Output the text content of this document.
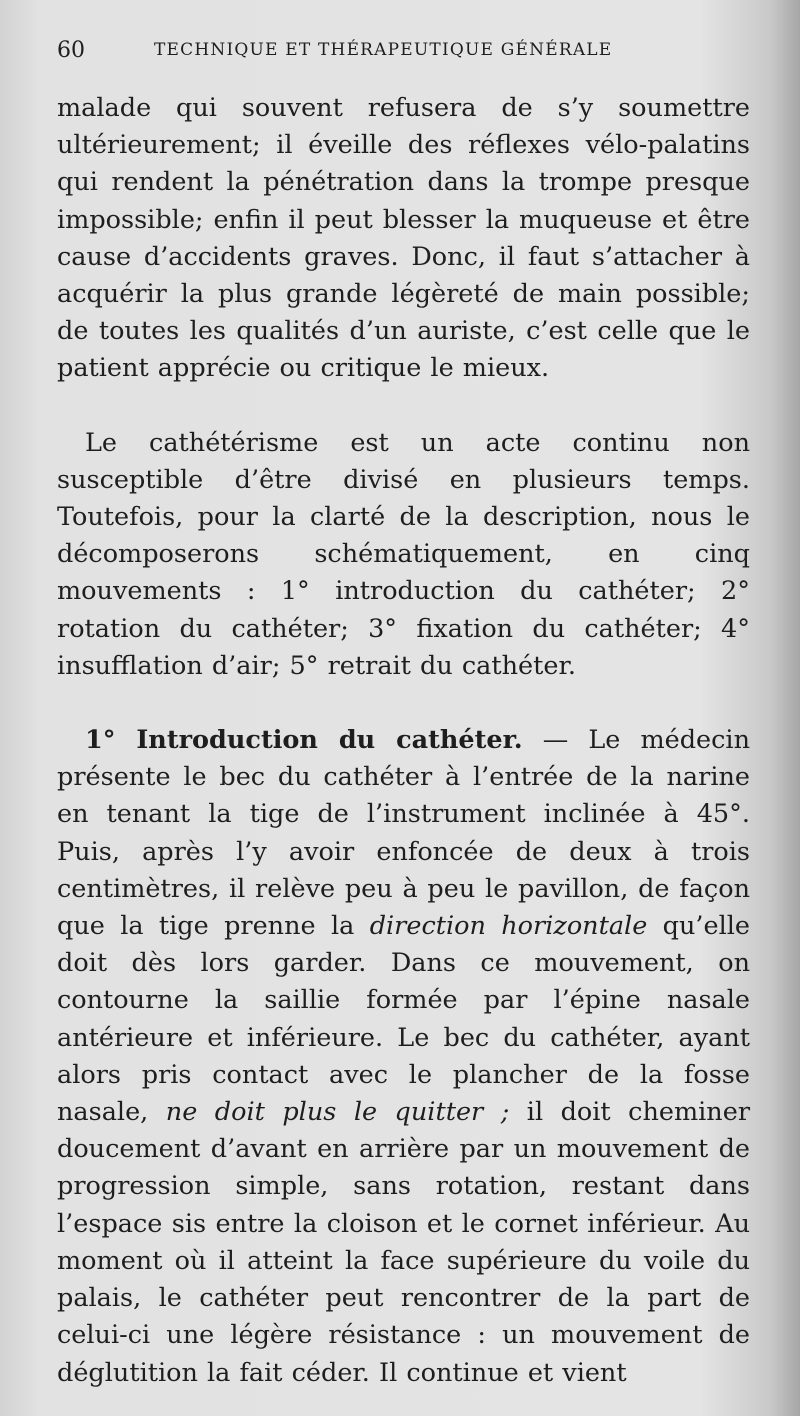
60	TECHNIQUE ET THÉRAPEUTIQUE GÉNÉRALE

malade qui souvent refusera de s’y soumettre ultérieurement; il éveille des réflexes vélo-palatins qui rendent la pénétration dans la trompe presque impossible; enfin il peut blesser la muqueuse et être cause d’accidents graves. Donc, il faut s’attacher à acquérir la plus grande légèreté de main possible; de toutes les qualités d’un auriste, c’est celle que le patient apprécie ou critique le mieux.

Le cathétérisme est un acte continu non susceptible d’être divisé en plusieurs temps. Toutefois, pour la clarté de la description, nous le décomposerons schématiquement, en cinq mouvements : 1° introduction du cathéter; 2° rotation du cathéter; 3° fixation du cathéter; 4° insufflation d’air; 5° retrait du cathéter.

1° Introduction du cathéter. — Le médecin présente le bec du cathéter à l’entrée de la narine en tenant la tige de l’instrument inclinée à 45°. Puis, après l’y avoir enfoncée de deux à trois centimètres, il relève peu à peu le pavillon, de façon que la tige prenne la direction horizontale qu’elle doit dès lors garder. Dans ce mouvement, on contourne la saillie formée par l’épine nasale antérieure et inférieure. Le bec du cathéter, ayant alors pris contact avec le plancher de la fosse nasale, ne doit plus le quitter ; il doit cheminer doucement d’avant en arrière par un mouvement de progression simple, sans rotation, restant dans l’espace sis entre la cloison et le cornet inférieur. Au moment où il atteint la face supérieure du voile du palais, le cathéter peut rencontrer de la part de celui-ci une légère résistance : un mouvement de déglutition la fait céder. Il continue et vient
